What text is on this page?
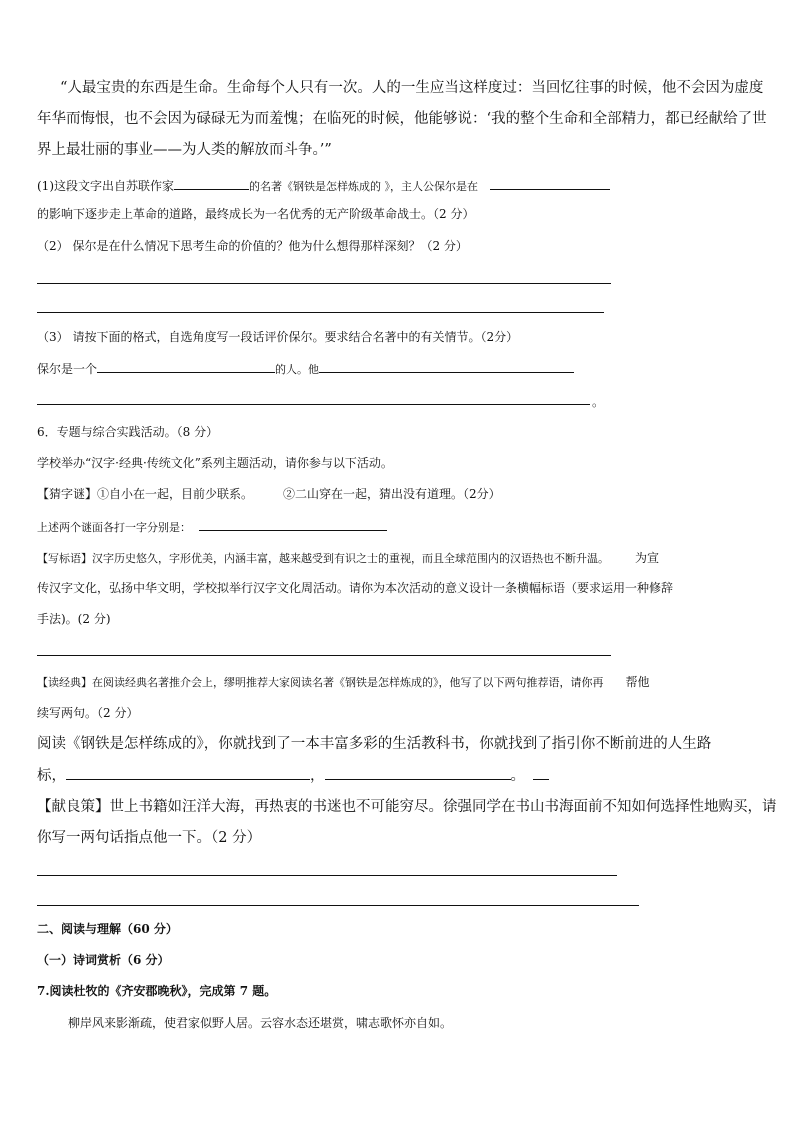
“人最宝贵的东西是生命。生命每个人只有一次。人的一生应当这样度过：当回忆往事的时候，他不会因为虚度
年华而悔恨，也不会因为碌碌无为而羞愧；在临死的时候，他能够说：‘我的整个生命和全部精力，都已经献给了世
界上最壮丽的事业——为人类的解放而斗争。’”
(1)这段文字出自苏联作家	的名著《钢铁是怎样炼成的 》，主人公保尔是在
的影响下逐步走上革命的道路，最终成长为一名优秀的无产阶级革命战士。（2 分）
（2） 保尔是在什么情况下思考生命的价值的？他为什么想得那样深刻？（2 分）
（3） 请按下面的格式，自选角度写一段话评价保尔。要求结合名著中的有关情节。（2分）
保尔是一个	的人。他
。
6．专题与综合实践活动。（8 分）
学校举办“汉字·经典·传统文化”系列主题活动，请你参与以下活动。
【猜字谜】①自小在一起，目前少联系。　　　②二山穿在一起，猜出没有道理。（2分）
上述两个谜面各打一字分别是：
【写标语】汉字历史悠久，字形优美，内涵丰富，越来越受到有识之士的重视，而且全球范围内的汉语热也不断升温。 为宣
传汉字文化，弘扬中华文明，学校拟举行汉字文化周活动。请你为本次活动的意义设计一条横幅标语（要求运用一种修辞
手法)。(2 分)
【读经典】在阅读经典名著推介会上，缪明推荐大家阅读名著《钢铁是怎样炼成的》，他写了以下两句推荐语，请你再 帮他
续写两句。（2 分）
阅读《钢铁是怎样练成的》，你就找到了一本丰富多彩的生活教科书，你就找到了指引你不断前进的人生路
标，	，	。
【献良策】世上书籍如汪洋大海，再热衷的书迷也不可能穷尽。徐强同学在书山书海面前不知如何选择性地购买，请
你写一两句话指点他一下。（2 分）
二、阅读与理解（60 分）
（一）诗词赏析（6 分）
7.阅读杜牧的《齐安郡晚秋》，完成第 7 题。
柳岸风来影渐疏，使君家似野人居。云容水态还堪赏，啸志歌怀亦自如。
